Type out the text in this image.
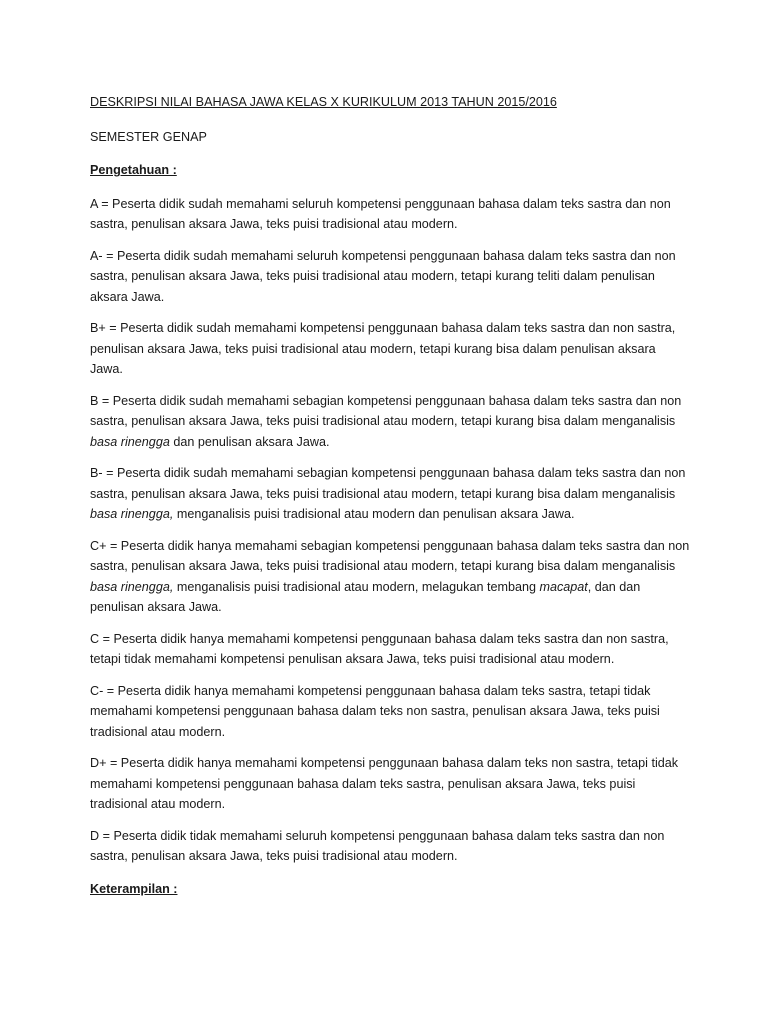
DESKRIPSI NILAI BAHASA JAWA KELAS X KURIKULUM 2013 TAHUN 2015/2016

SEMESTER GENAP

Pengetahuan :

A = Peserta didik sudah memahami seluruh kompetensi penggunaan bahasa dalam teks sastra dan non sastra, penulisan aksara Jawa, teks puisi tradisional atau modern.

A- = Peserta didik sudah memahami seluruh kompetensi penggunaan bahasa dalam teks sastra dan non sastra, penulisan aksara Jawa, teks puisi tradisional atau modern, tetapi kurang teliti dalam penulisan aksara Jawa.

B+ = Peserta didik sudah memahami kompetensi penggunaan bahasa dalam teks sastra dan non sastra, penulisan aksara Jawa, teks puisi tradisional atau modern, tetapi kurang bisa dalam penulisan aksara Jawa.

B = Peserta didik sudah memahami sebagian kompetensi penggunaan bahasa dalam teks sastra dan non sastra, penulisan aksara Jawa, teks puisi tradisional atau modern, tetapi kurang bisa dalam menganalisis basa rinengga dan penulisan aksara Jawa.

B- = Peserta didik sudah memahami sebagian kompetensi penggunaan bahasa dalam teks sastra dan non sastra, penulisan aksara Jawa, teks puisi tradisional atau modern, tetapi kurang bisa dalam menganalisis basa rinengga, menganalisis puisi tradisional atau modern dan penulisan aksara Jawa.

C+ = Peserta didik hanya memahami sebagian kompetensi penggunaan bahasa dalam teks sastra dan non sastra, penulisan aksara Jawa, teks puisi tradisional atau modern, tetapi kurang bisa dalam menganalisis basa rinengga, menganalisis puisi tradisional atau modern, melagukan tembang macapat, dan dan penulisan aksara Jawa.

C = Peserta didik hanya memahami kompetensi penggunaan bahasa dalam teks sastra dan non sastra, tetapi tidak memahami kompetensi penulisan aksara Jawa, teks puisi tradisional atau modern.

C- = Peserta didik hanya memahami kompetensi penggunaan bahasa dalam teks sastra, tetapi tidak memahami kompetensi penggunaan bahasa dalam teks non sastra, penulisan aksara Jawa, teks puisi tradisional atau modern.

D+ = Peserta didik hanya memahami kompetensi penggunaan bahasa dalam teks non sastra, tetapi tidak memahami kompetensi penggunaan bahasa dalam teks sastra, penulisan aksara Jawa, teks puisi tradisional atau modern.

D = Peserta didik tidak memahami seluruh kompetensi penggunaan bahasa dalam teks sastra dan non sastra, penulisan aksara Jawa, teks puisi tradisional atau modern.

Keterampilan :
